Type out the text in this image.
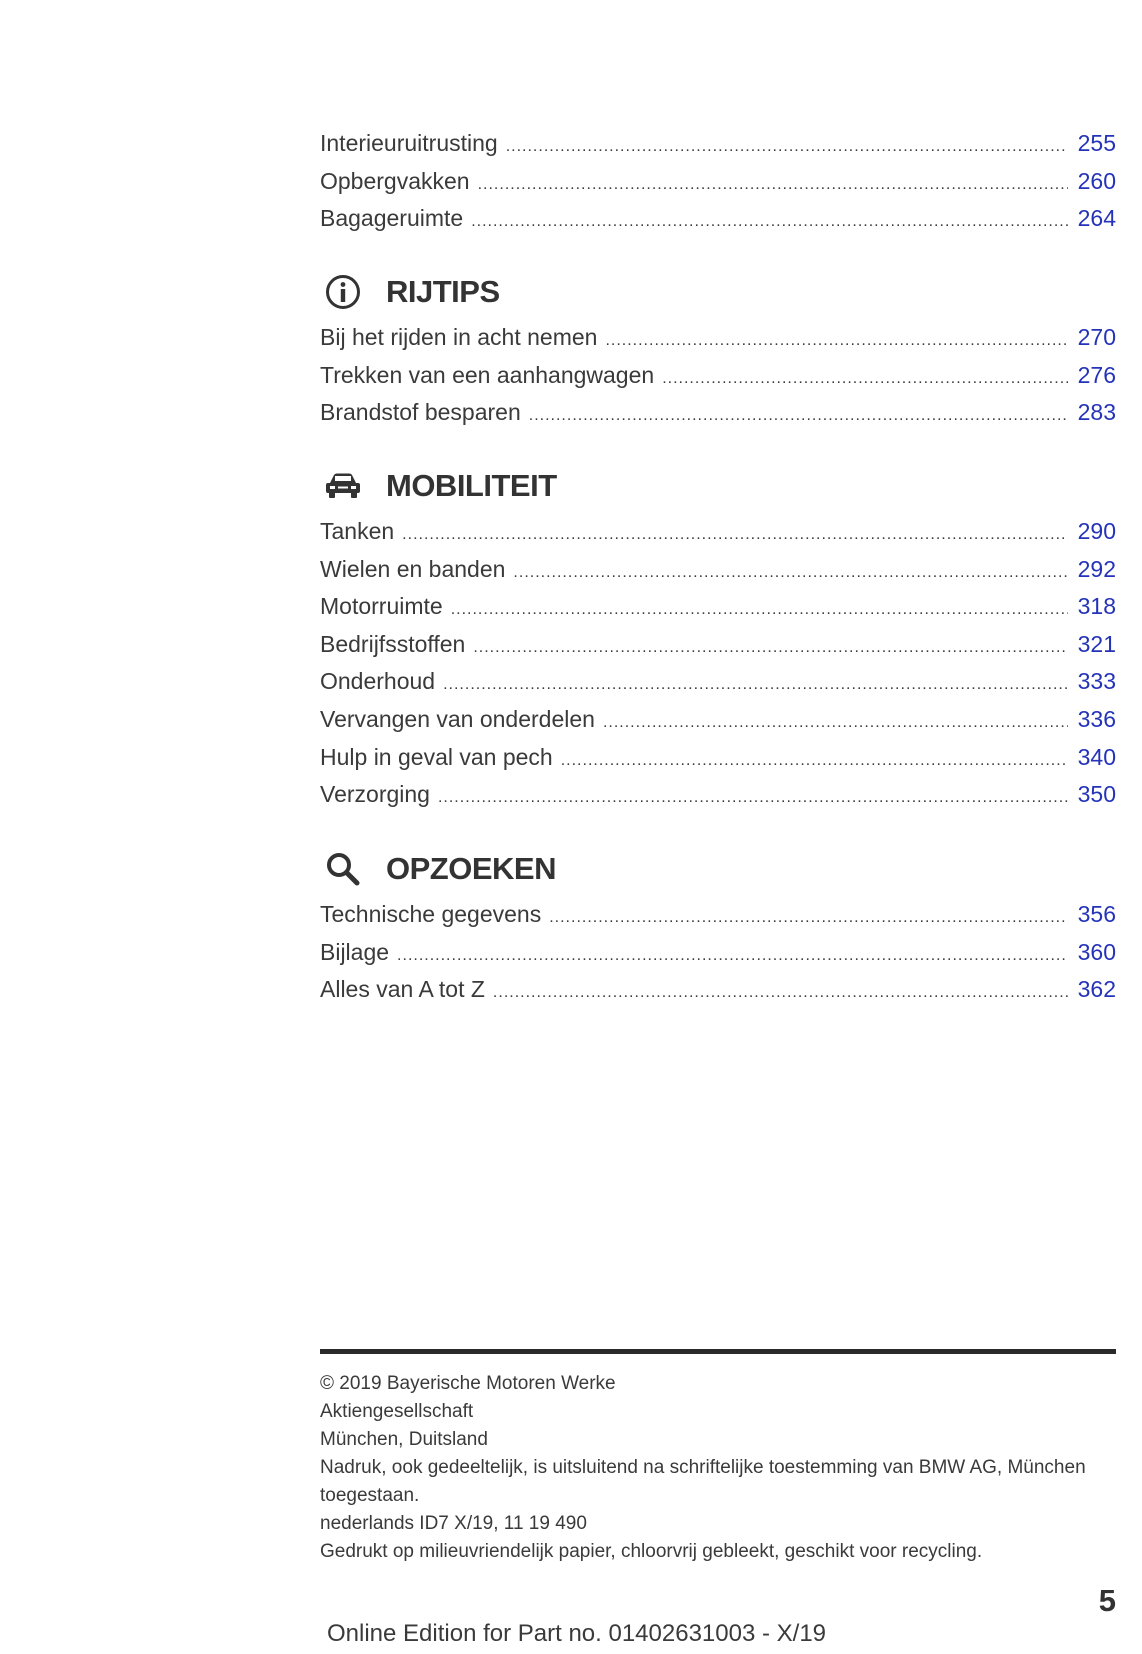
Interieuruitrusting .....	255
Opbergvakken .....	260
Bagageruimte .....	264
RIJTIPS
Bij het rijden in acht nemen .....	270
Trekken van een aanhangwagen .....	276
Brandstof besparen .....	283
MOBILITEIT
Tanken .....	290
Wielen en banden .....	292
Motorruimte .....	318
Bedrijfsstoffen .....	321
Onderhoud .....	333
Vervangen van onderdelen .....	336
Hulp in geval van pech .....	340
Verzorging .....	350
OPZOEKEN
Technische gegevens .....	356
Bijlage .....	360
Alles van A tot Z .....	362
© 2019 Bayerische Motoren Werke
Aktiengesellschaft
München, Duitsland
Nadruk, ook gedeeltelijk, is uitsluitend na schriftelijke toestemming van BMW AG, München
toegestaan.
nederlands ID7 X/19, 11 19 490
Gedrukt op milieuvriendelijk papier, chloorvrij gebleekt, geschikt voor recycling.
5
Online Edition for Part no. 01402631003 - X/19
